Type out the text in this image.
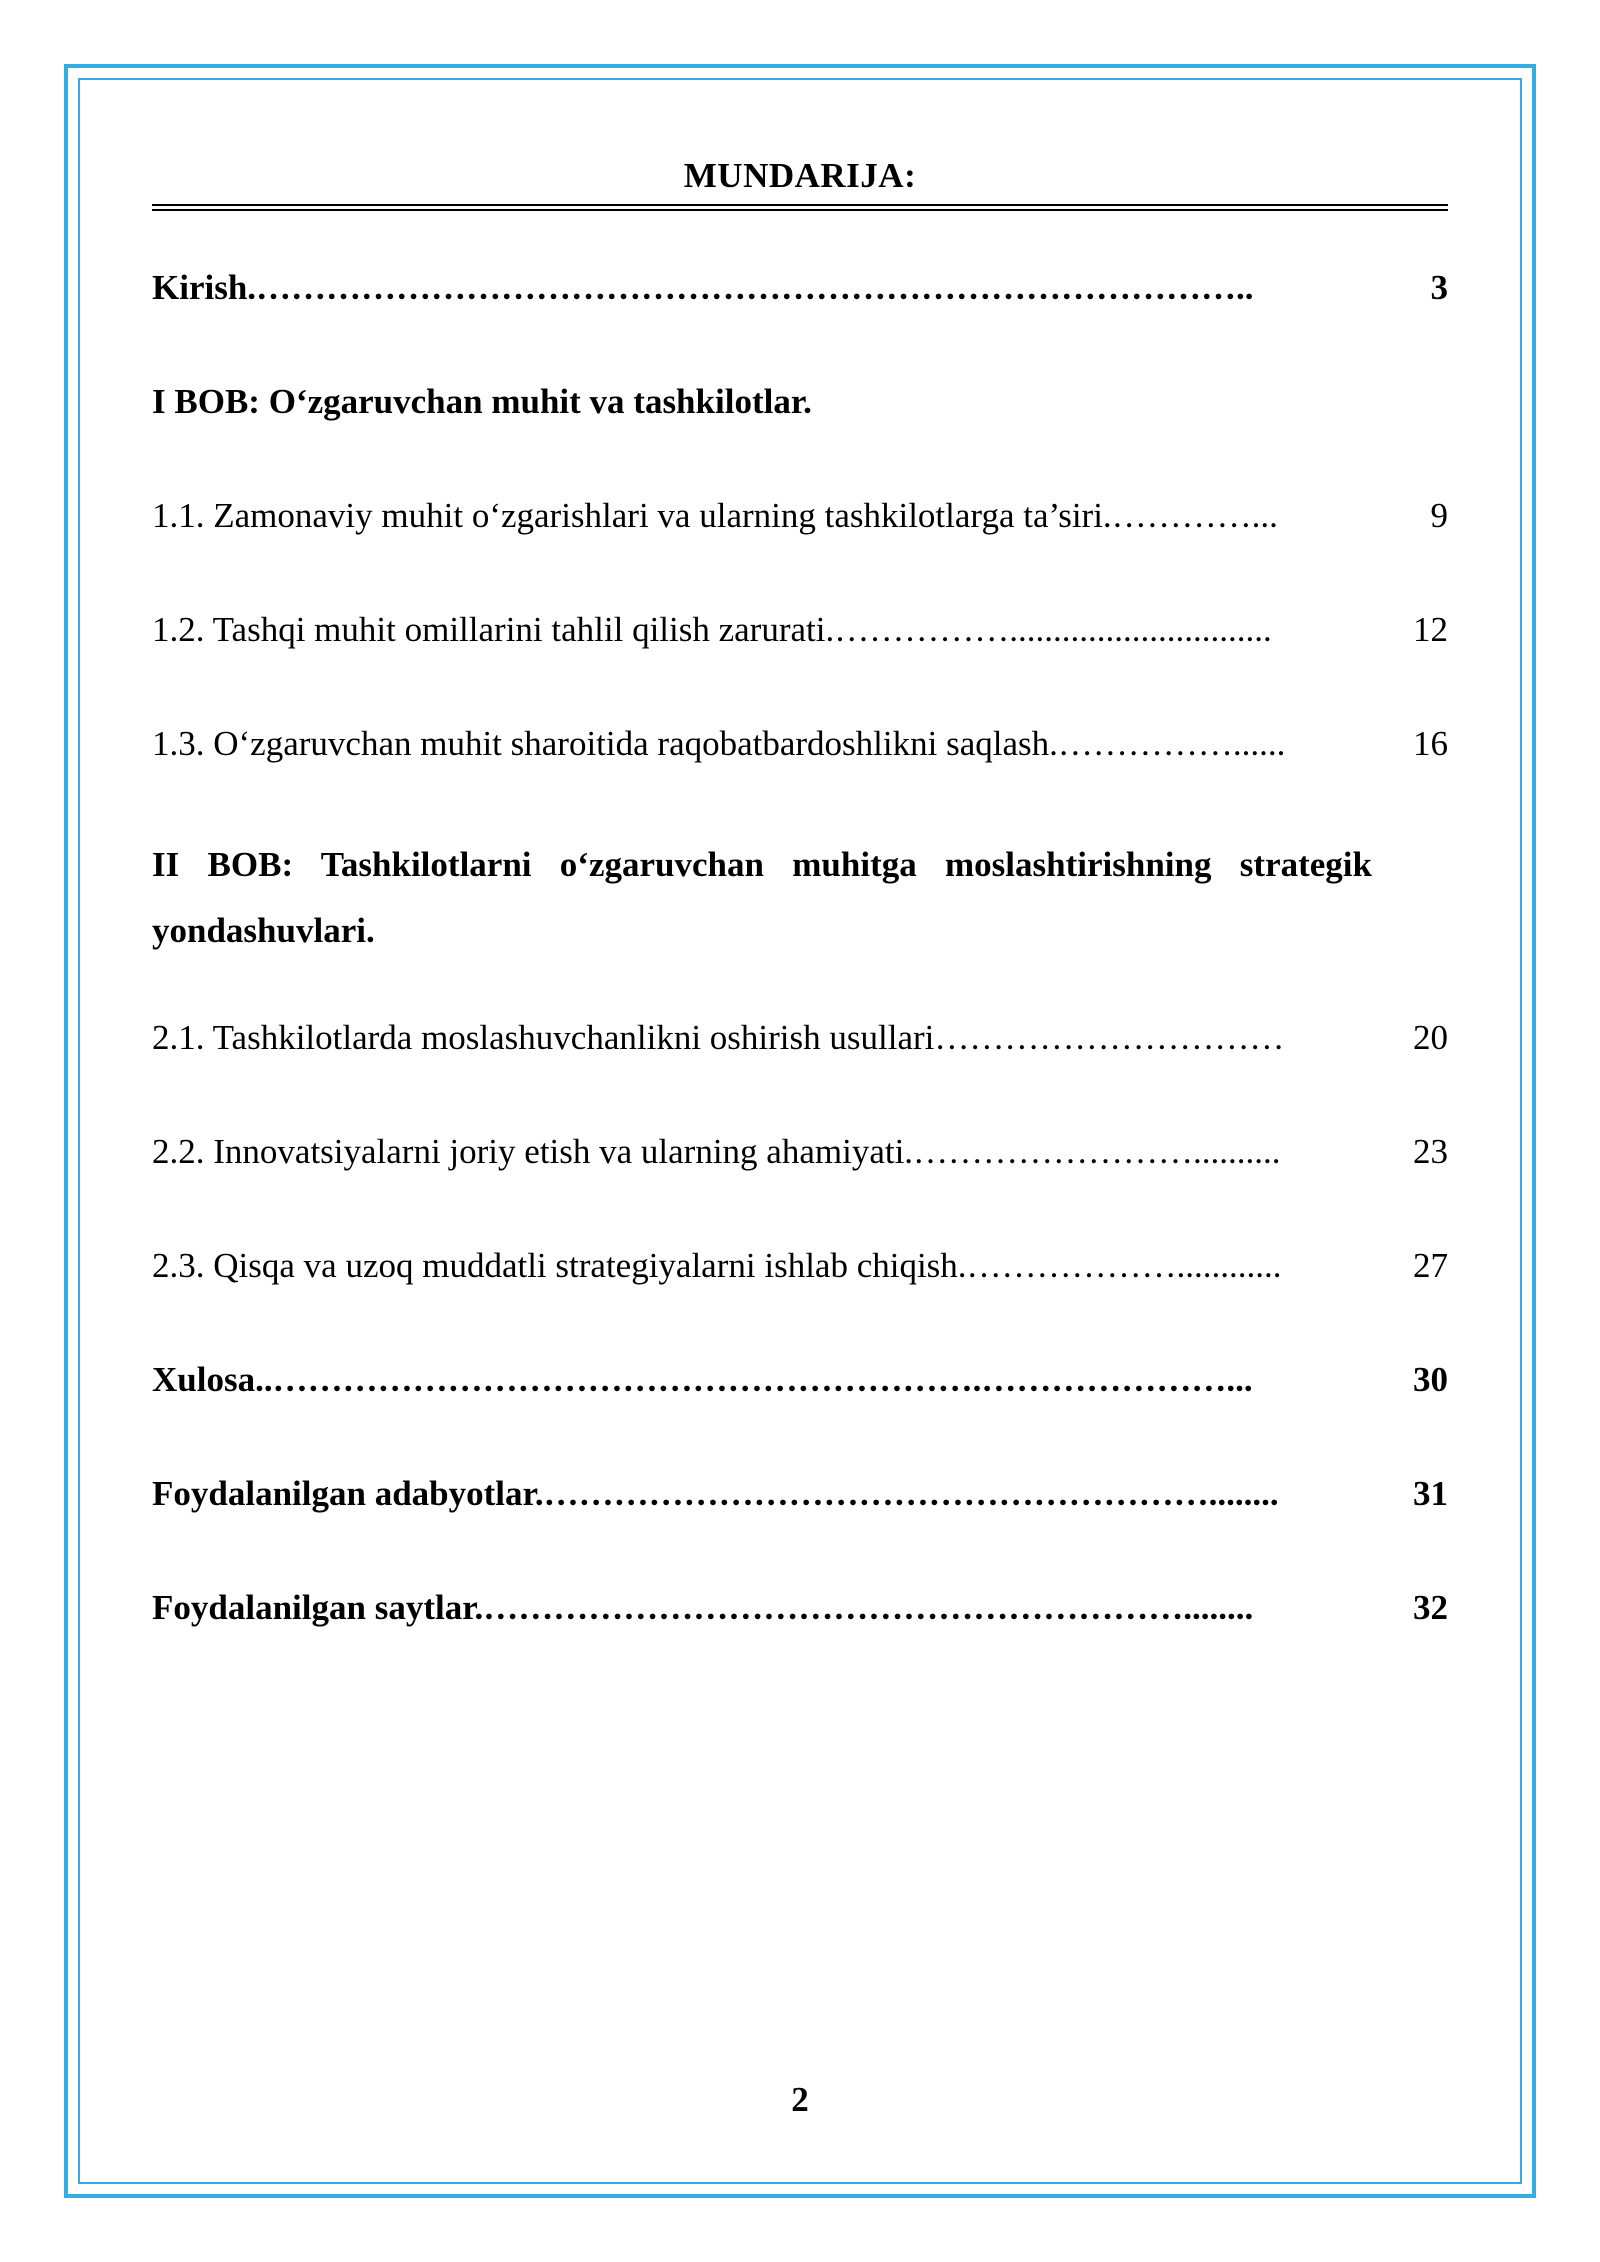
MUNDARIJA:
Kirish.…………………………………………………………………………..	3
I BOB: O‘zgaruvchan muhit va tashkilotlar.
1.1. Zamonaviy muhit o‘zgarishlari va ularning tashkilotlarga ta’siri.…………...	9
1.2. Tashqi muhit omillarini tahlil qilish zarurati.……………..............................	12
1.3. O‘zgaruvchan muhit sharoitida raqobatbardoshlikni saqlash.……………......	16
II BOB: Tashkilotlarni o‘zgaruvchan muhitga moslashtirishning strategik yondashuvlari.
2.1. Tashkilotlarda moslashuvchanlikni oshirish usullari…………………………	20
2.2. Innovatsiyalarni joriy etish va ularning ahamiyati.……………………..........	23
2.3. Qisqa va uzoq muddatli strategiyalarni ishlab chiqish.………………............	27
Xulosa..…………………………………………………….…………………...	30
Foydalanilgan adabyotlar.…………………………………………………........	31
Foydalanilgan saytlar.……………………………………………………........	32
2
